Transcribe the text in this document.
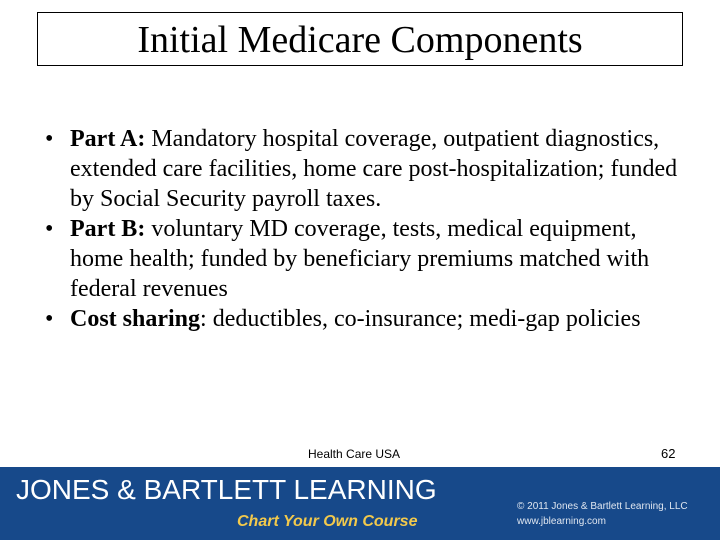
Initial Medicare Components
• Part A: Mandatory hospital coverage, outpatient diagnostics, extended care facilities, home care post-hospitalization; funded by Social Security payroll taxes.
• Part B: voluntary MD coverage, tests, medical equipment, home health; funded by beneficiary premiums matched with federal revenues
• Cost sharing: deductibles, co-insurance; medi-gap policies
Health Care USA	62
JONES & BARTLETT LEARNING
Chart Your Own Course
© 2011 Jones & Bartlett Learning, LLC
www.jblearning.com
